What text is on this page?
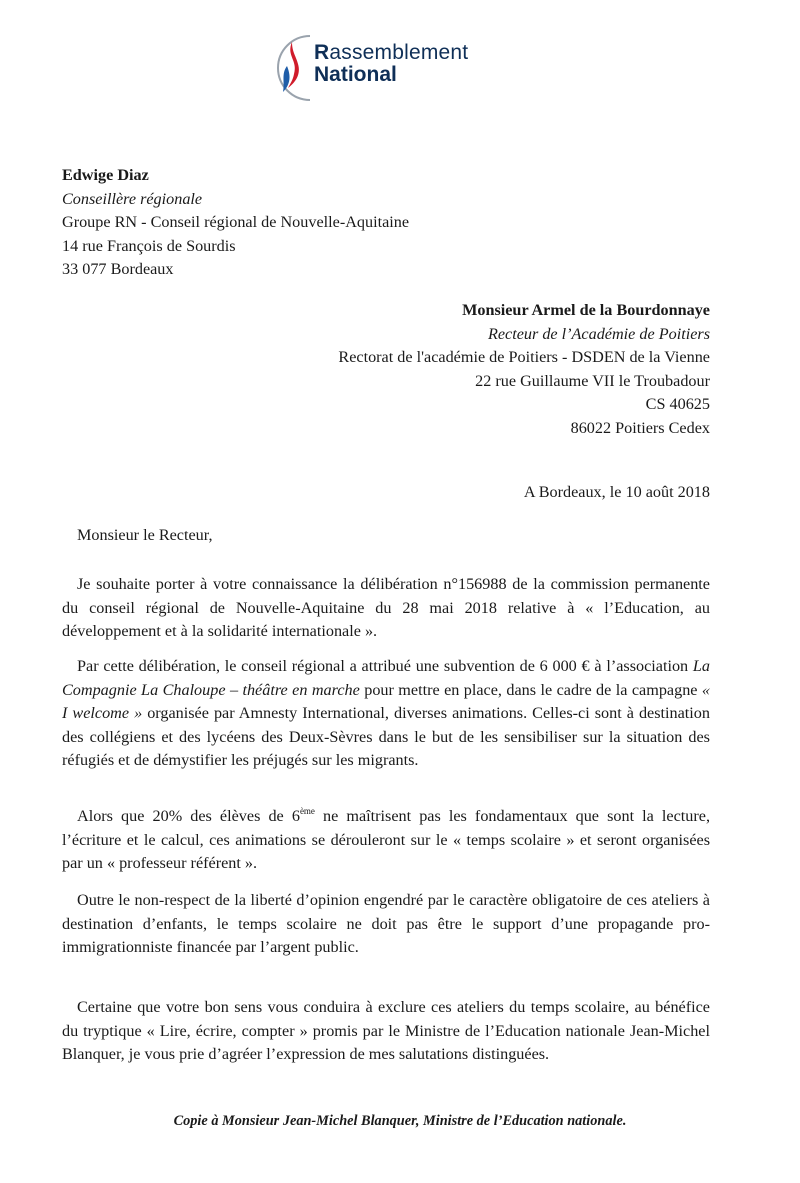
Rassemblement
National
Edwige Diaz
Conseillère régionale
Groupe RN - Conseil régional de Nouvelle-Aquitaine
14 rue François de Sourdis
33 077 Bordeaux
Monsieur Armel de la Bourdonnaye
Recteur de l’Académie de Poitiers
Rectorat de l'académie de Poitiers - DSDEN de la Vienne
22 rue Guillaume VII le Troubadour
CS 40625
86022 Poitiers Cedex
A Bordeaux, le 10 août 2018
Monsieur le Recteur,
Je souhaite porter à votre connaissance la délibération n°156988 de la commission permanente du conseil régional de Nouvelle-Aquitaine du 28 mai 2018 relative à « l’Education, au développement et à la solidarité internationale ».
Par cette délibération, le conseil régional a attribué une subvention de 6 000 € à l’association La Compagnie La Chaloupe – théâtre en marche pour mettre en place, dans le cadre de la campagne « I welcome » organisée par Amnesty International, diverses animations. Celles-ci sont à destination des collégiens et des lycéens des Deux-Sèvres dans le but de les sensibiliser sur la situation des réfugiés et de démystifier les préjugés sur les migrants.
Alors que 20% des élèves de 6ème ne maîtrisent pas les fondamentaux que sont la lecture, l’écriture et le calcul, ces animations se dérouleront sur le « temps scolaire » et seront organisées par un « professeur référent ».
Outre le non-respect de la liberté d’opinion engendré par le caractère obligatoire de ces ateliers à destination d’enfants, le temps scolaire ne doit pas être le support d’une propagande pro-immigrationniste financée par l’argent public.
Certaine que votre bon sens vous conduira à exclure ces ateliers du temps scolaire, au bénéfice du tryptique « Lire, écrire, compter » promis par le Ministre de l’Education nationale Jean-Michel Blanquer, je vous prie d’agréer l’expression de mes salutations distinguées.
Copie à Monsieur Jean-Michel Blanquer, Ministre de l’Education nationale.
